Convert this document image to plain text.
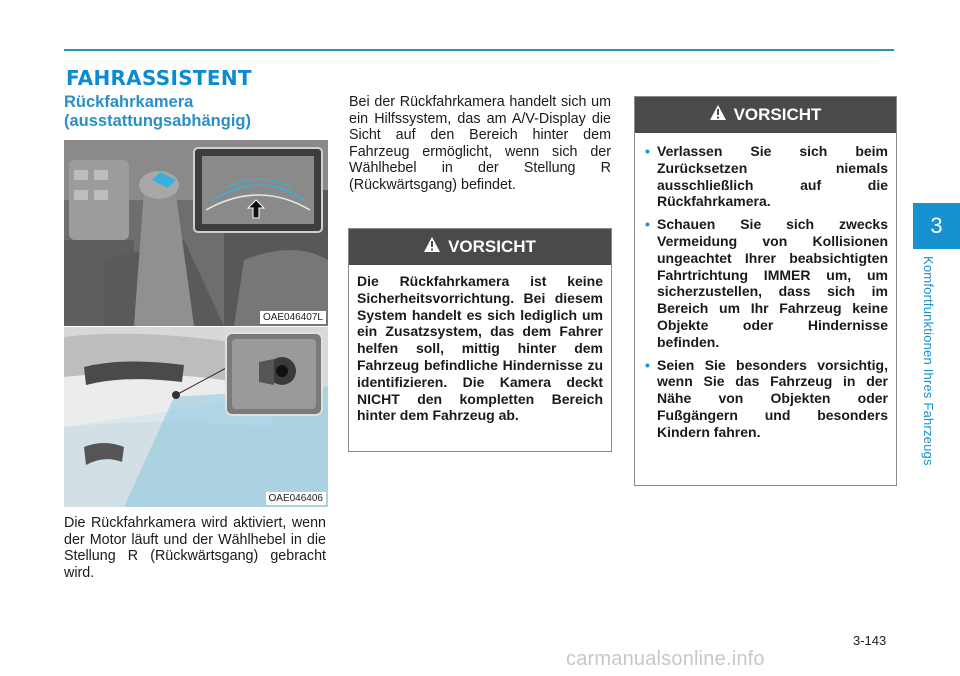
FAHRASSISTENT
Rückfahrkamera (ausstattungsabhängig)
OAE046407L
OAE046406

Die Rückfahrkamera wird aktiviert, wenn der Motor läuft und der Wählhebel in die Stellung R (Rückwärtsgang) gebracht wird.

Bei der Rückfahrkamera handelt sich um ein Hilfssystem, das am A/V-Display die Sicht auf den Bereich hinter dem Fahrzeug ermöglicht, wenn sich der Wählhebel in der Stellung R (Rückwärtsgang) befindet.

VORSICHT

Die Rückfahrkamera ist keine Sicherheitsvorrichtung. Bei diesem System handelt es sich lediglich um ein Zusatzsystem, das dem Fahrer helfen soll, mittig hinter dem Fahrzeug befindliche Hindernisse zu identifizieren. Die Kamera deckt NICHT den kompletten Bereich hinter dem Fahrzeug ab.

VORSICHT
• Verlassen Sie sich beim Zurücksetzen niemals ausschließlich auf die Rückfahrkamera.
• Schauen Sie sich zwecks Vermeidung von Kollisionen ungeachtet Ihrer beabsichtigten Fahrtrichtung IMMER um, um sicherzustellen, dass sich im Bereich um Ihr Fahrzeug keine Objekte oder Hindernisse befinden.
• Seien Sie besonders vorsichtig, wenn Sie das Fahrzeug in der Nähe von Objekten oder Fußgängern und besonders Kindern fahren.
3
Komfortfunktionen Ihres Fahrzeugs
3-143
carmanualsonline.info
